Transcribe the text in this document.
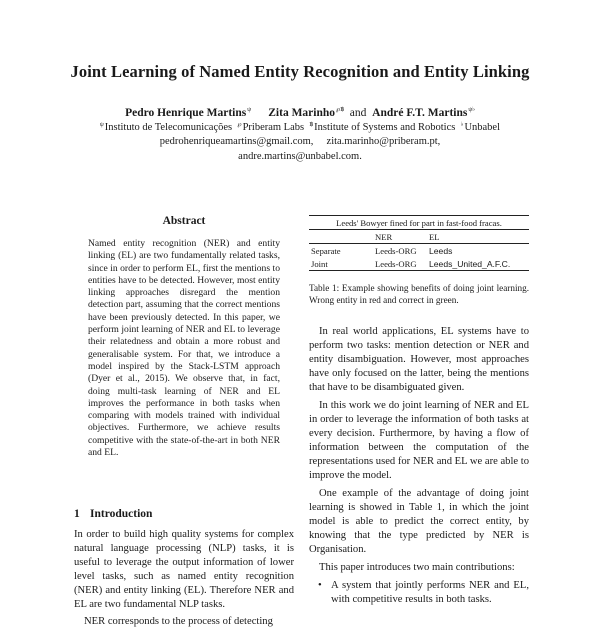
Joint Learning of Named Entity Recognition and Entity Linking
Pedro Henrique Martins$^\psi$ Zita Marinho℘฿ and André F.T. Martins$^{\psi♭}$
$^\psi$Instituto de Telecomunicações ℘Priberam Labs ฿Institute of Systems and Robotics ♭Unbabel
pedrohenriqueamartins@gmail.com, zita.marinho@priberam.pt,
andre.martins@unbabel.com.
Abstract

Named entity recognition (NER) and entity linking (EL) are two fundamentally related tasks, since in order to perform EL, first the mentions to entities have to be detected. However, most entity linking approaches disregard the mention detection part, assuming that the correct mentions have been previously detected. In this paper, we perform joint learning of NER and EL to leverage their relatedness and obtain a more robust and generalisable system. For that, we introduce a model inspired by the Stack-LSTM approach (Dyer et al., 2015). We observe that, in fact, doing multi-task learning of NER and EL improves the performance in both tasks when comparing with models trained with individual objectives. Furthermore, we achieve results competitive with the state-of-the-art in both NER and EL.

1 Introduction

In order to build high quality systems for complex natural language processing (NLP) tasks, it is useful to leverage the output information of lower level tasks, such as named entity recognition (NER) and entity linking (EL). Therefore NER and EL are two fundamental NLP tasks.

NER corresponds to the process of detecting

Leeds' Bowyer fined for part in fast-food fracas.		
	NER	EL
Separate	Leeds-ORG	Leeds
Joint	Leeds-ORG	Leeds_United_A.F.C.
Table 1: Example showing benefits of doing joint learning. Wrong entity in red and correct in green.

In real world applications, EL systems have to perform two tasks: mention detection or NER and entity disambiguation. However, most approaches have only focused on the latter, being the mentions that have to be disambiguated given.

In this work we do joint learning of NER and EL in order to leverage the information of both tasks at every decision. Furthermore, by having a flow of information between the computation of the representations used for NER and EL we are able to improve the model.

One example of the advantage of doing joint learning is showed in Table 1, in which the joint model is able to predict the correct entity, by knowing that the type predicted by NER is Organisation.

This paper introduces two main contributions:

• A system that jointly performs NER and EL, with competitive results in both tasks.
